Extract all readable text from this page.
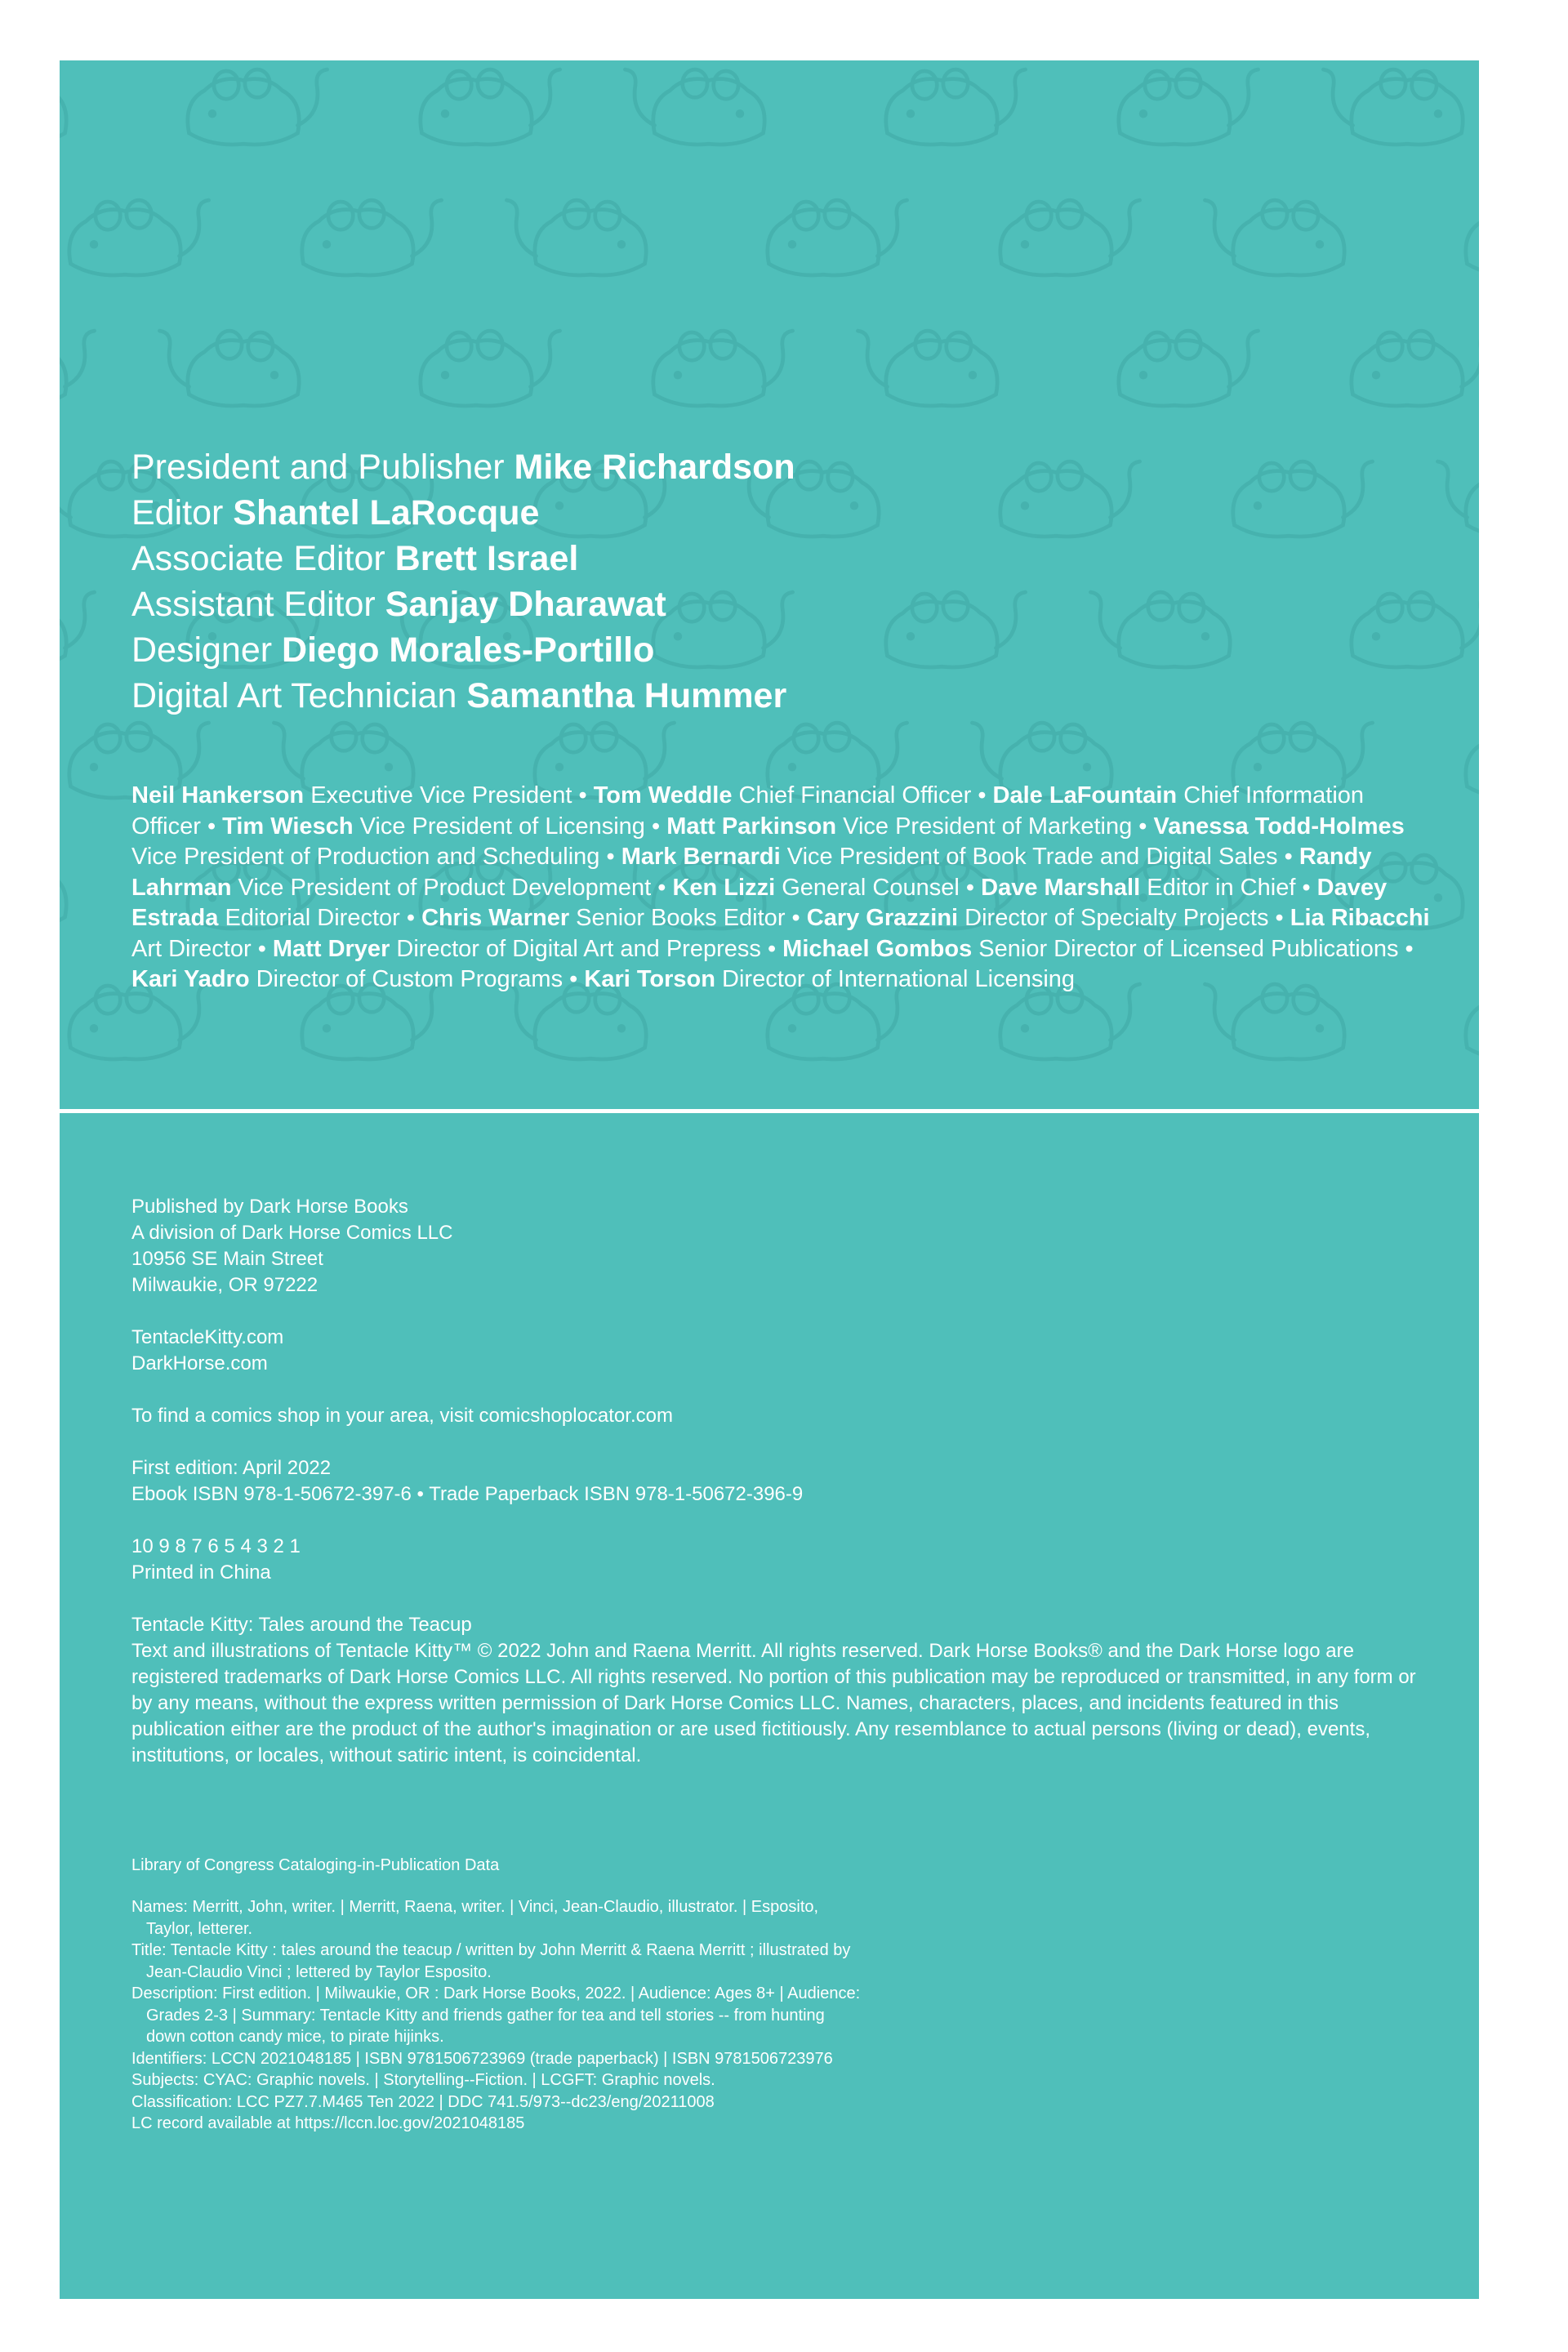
President and Publisher Mike Richardson
Editor Shantel LaRocque
Associate Editor Brett Israel
Assistant Editor Sanjay Dharawat
Designer Diego Morales-Portillo
Digital Art Technician Samantha Hummer
Neil Hankerson Executive Vice President • Tom Weddle Chief Financial Officer • Dale LaFountain Chief Information Officer • Tim Wiesch Vice President of Licensing • Matt Parkinson Vice President of Marketing • Vanessa Todd-Holmes Vice President of Production and Scheduling • Mark Bernardi Vice President of Book Trade and Digital Sales • Randy Lahrman Vice President of Product Development • Ken Lizzi General Counsel • Dave Marshall Editor in Chief • Davey Estrada Editorial Director • Chris Warner Senior Books Editor • Cary Grazzini Director of Specialty Projects • Lia Ribacchi Art Director • Matt Dryer Director of Digital Art and Prepress • Michael Gombos Senior Director of Licensed Publications • Kari Yadro Director of Custom Programs • Kari Torson Director of International Licensing
Published by Dark Horse Books
A division of Dark Horse Comics LLC
10956 SE Main Street
Milwaukie, OR 97222
TentacleKitty.com
DarkHorse.com
To find a comics shop in your area, visit comicshoplocator.com
First edition: April 2022
Ebook ISBN 978-1-50672-397-6 • Trade Paperback ISBN 978-1-50672-396-9
10 9 8 7 6 5 4 3 2 1
Printed in China
Tentacle Kitty: Tales around the Teacup
Text and illustrations of Tentacle Kitty™ © 2022 John and Raena Merritt. All rights reserved. Dark Horse Books® and the Dark Horse logo are registered trademarks of Dark Horse Comics LLC. All rights reserved. No portion of this publication may be reproduced or transmitted, in any form or by any means, without the express written permission of Dark Horse Comics LLC. Names, characters, places, and incidents featured in this publication either are the product of the author's imagination or are used fictitiously. Any resemblance to actual persons (living or dead), events, institutions, or locales, without satiric intent, is coincidental.
Library of Congress Cataloging-in-Publication Data
Names: Merritt, John, writer. | Merritt, Raena, writer. | Vinci, Jean-Claudio, illustrator. | Esposito, Taylor, letterer.
Title: Tentacle Kitty : tales around the teacup / written by John Merritt & Raena Merritt ; illustrated by Jean-Claudio Vinci ; lettered by Taylor Esposito.
Description: First edition. | Milwaukie, OR : Dark Horse Books, 2022. | Audience: Ages 8+ | Audience: Grades 2-3 | Summary: Tentacle Kitty and friends gather for tea and tell stories -- from hunting down cotton candy mice, to pirate hijinks.
Identifiers: LCCN 2021048185 | ISBN 9781506723969 (trade paperback) | ISBN 9781506723976
Subjects: CYAC: Graphic novels. | Storytelling--Fiction. | LCGFT: Graphic novels.
Classification: LCC PZ7.7.M465 Ten 2022 | DDC 741.5/973--dc23/eng/20211008
LC record available at https://lccn.loc.gov/2021048185
